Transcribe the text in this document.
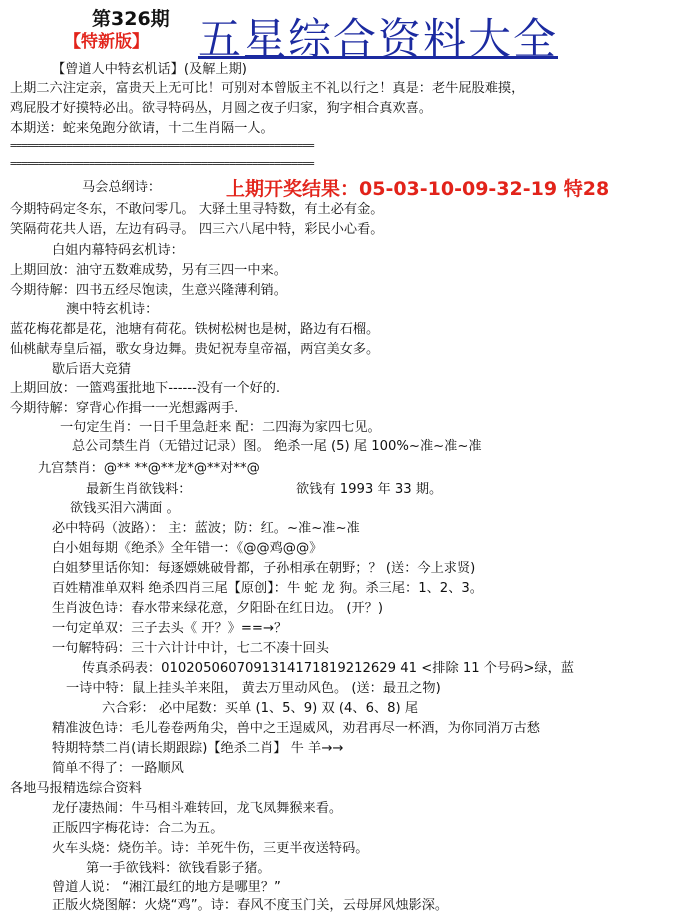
第326期
【特新版】 五星综合资料大全
【曾道人中特玄机话】(及解上期)
上期二六注定亲，富贵天上无可比！可别对本曾版主不礼以行之！真是：老牛屁股难摸，
鸡屁股才好摸特必出。欲寻特码丛，月圆之夜子归家，狗字相合真欢喜。
本期送：蛇来兔跑分欲请，十二生肖隔一人。
======================================================
======================================================
马会总纲诗：	上期开奖结果：05-03-10-09-32-19 特28
今期特码定冬东，不敢问零几。 大驿土里寻特数，有土必有金。
笑隔荷花共人语，左边有码寻。 四三六八尾中特，彩民小心看。
白姐内幕特码玄机诗：
上期回放：油守五数难成势，另有三四一中来。
今期待解：四书五经尽饱读，生意兴隆薄利销。
澳中特玄机诗：
蓝花梅花都是花，池塘有荷花。铁树松树也是树，路边有石榴。
仙桃献寿皇后福，歌女身边舞。贵妃祝寿皇帝福，两宫美女多。
歇后语大竞猜
上期回放：一篮鸡蛋批地下------没有一个好的.
今期待解：穿背心作揖一一光想露两手.
一句定生肖：一日千里急赶来 配：二四海为家四七见。
总公司禁生肖（无错过记录）图。 绝杀一尾 (5) 尾 100%~准~准~准
九宫禁肖：@** **@**龙*@**对**@
最新生肖欲钱料：	欲钱有 1993 年 33 期。
欲钱买泪六满面 。
必中特码（波路）： 主：蓝波；防：红。~准~准~准
白小姐每期《绝杀》全年错一：《@@鸡@@》
白姐梦里话你知：每逐嫖姚破骨都，子孙相承在朝野；？ (送：今上求贤)
百姓精准单双料 绝杀四肖三尾【原创】：牛 蛇 龙 狗。杀三尾：1、2、3。
生肖波色诗：春水带来绿花意，夕阳卧在红日边。 (开？)
一句定单双：三子去头《 开？》==→？
一句解特码：三十六计计中计，七二不凑十回头
传真杀码表：0102050607091314171819212629 41 <排除 11 个号码>绿，蓝
一诗中特：鼠上挂头羊来阻， 黄去万里动风色。 (送：最丑之物)
六合彩： 必中尾数：买单 (1、5、9) 双 (4、6、8) 尾
精准波色诗：毛儿卷卷两角尖，兽中之王逞威风，劝君再尽一杯酒，为你同消万古愁
特期特禁二肖(请长期跟踪)【绝杀二肖】 牛 羊→→
简单不得了：一路顺风
各地马报精选综合资料
龙仔凄热闹：牛马相斗难转回，龙飞凤舞猴来看。
正版四字梅花诗：合二为五。
火车头烧：烧伤羊。诗：羊死牛伤，三更半夜送特码。
第一手欲钱料：欲钱看影子猪。
曾道人说： “湘江最红的地方是哪里？”
正版火烧图解：火烧“鸡”。诗：春风不度玉门关，云母屏风烛影深。
